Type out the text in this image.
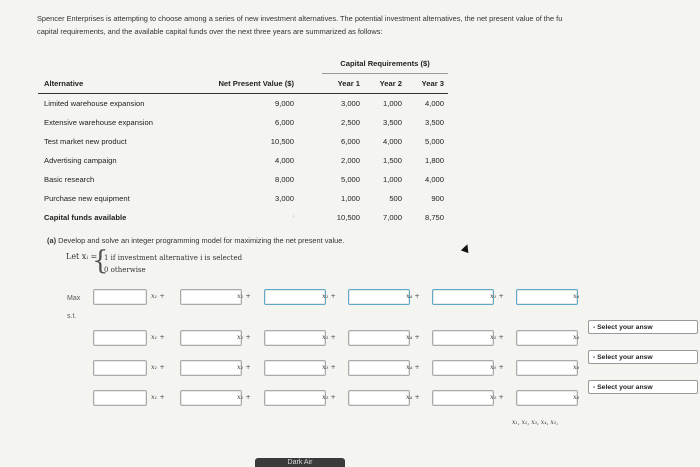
Spencer Enterprises is attempting to choose among a series of new investment alternatives. The potential investment alternatives, the net present value of the fu
capital requirements, and the available capital funds over the next three years are summarized as follows:
		Capital Requirements ($)		
Alternative	Net Present Value ($)	Year 1	Year 2	Year 3
Limited warehouse expansion	9,000	3,000	1,000	4,000
Extensive warehouse expansion	6,000	2,500	3,500	3,500
Test market new product	10,500	6,000	4,000	5,000
Advertising campaign	4,000	2,000	1,500	1,800
Basic research	8,000	5,000	1,000	4,000
Purchase new equipment	3,000	1,000	500	900
Capital funds available	'	10,500	7,000	8,750
(a) Develop and solve an integer programming model for maximizing the net present value.
Let xᵢ =
{
1 if investment alternative i is selected
0 otherwise
Max	x₁ +	x₂ +	x₃ +	x₄ +	x₅ +	x₆
s.t.
x₁ +	x₂ +	x₃ +	x₄ +	x₅ +	x₆
- Select your answ
x₁ +	x₂ +	x₃ +	x₄ +	x₅ +	x₆
- Select your answ
x₁ +	x₂ +	x₃ +	x₄ +	x₅ +	x₆
- Select your answ
x₁, x₂, x₃, x₄, x₅,
Dark Air
